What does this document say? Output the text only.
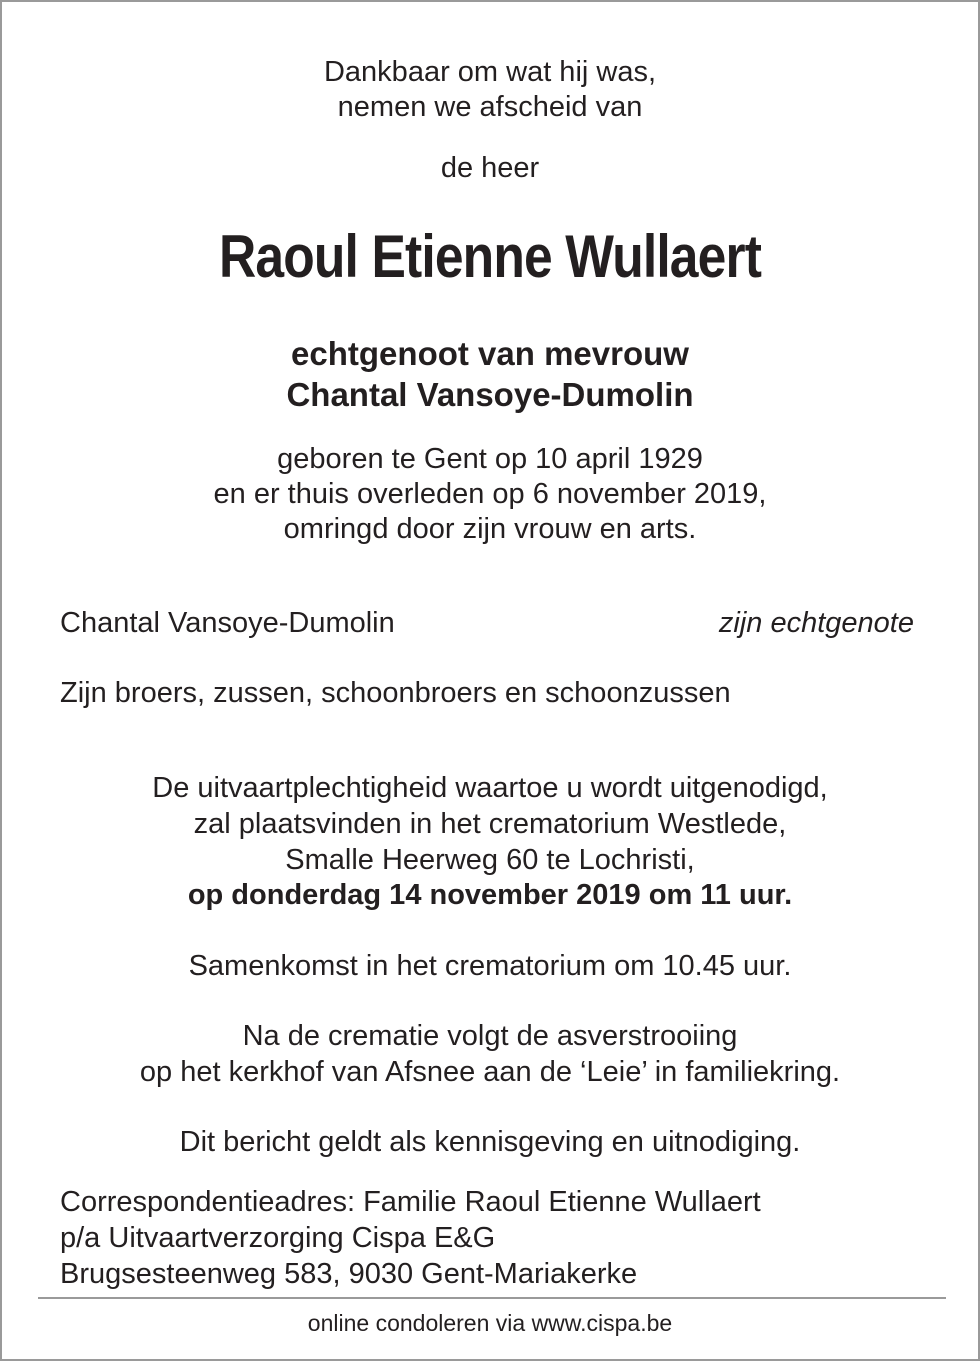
Dankbaar om wat hij was,
nemen we afscheid van
de heer
Raoul Etienne Wullaert
echtgenoot van mevrouw
Chantal Vansoye-Dumolin
geboren te Gent op 10 april 1929
en er thuis overleden op 6 november 2019,
omringd door zijn vrouw en arts.
Chantal Vansoye-Dumolin	zijn echtgenote
Zijn broers, zussen, schoonbroers en schoonzussen
De uitvaartplechtigheid waartoe u wordt uitgenodigd,
zal plaatsvinden in het crematorium Westlede,
Smalle Heerweg 60 te Lochristi,
op donderdag 14 november 2019 om 11 uur.
Samenkomst in het crematorium om 10.45 uur.
Na de crematie volgt de asverstrooiing
op het kerkhof van Afsnee aan de ‘Leie’ in familiekring.
Dit bericht geldt als kennisgeving en uitnodiging.
Correspondentieadres: Familie Raoul Etienne Wullaert
p/a Uitvaartverzorging Cispa E&G
Brugsesteenweg 583, 9030 Gent-Mariakerke
online condoleren via www.cispa.be
